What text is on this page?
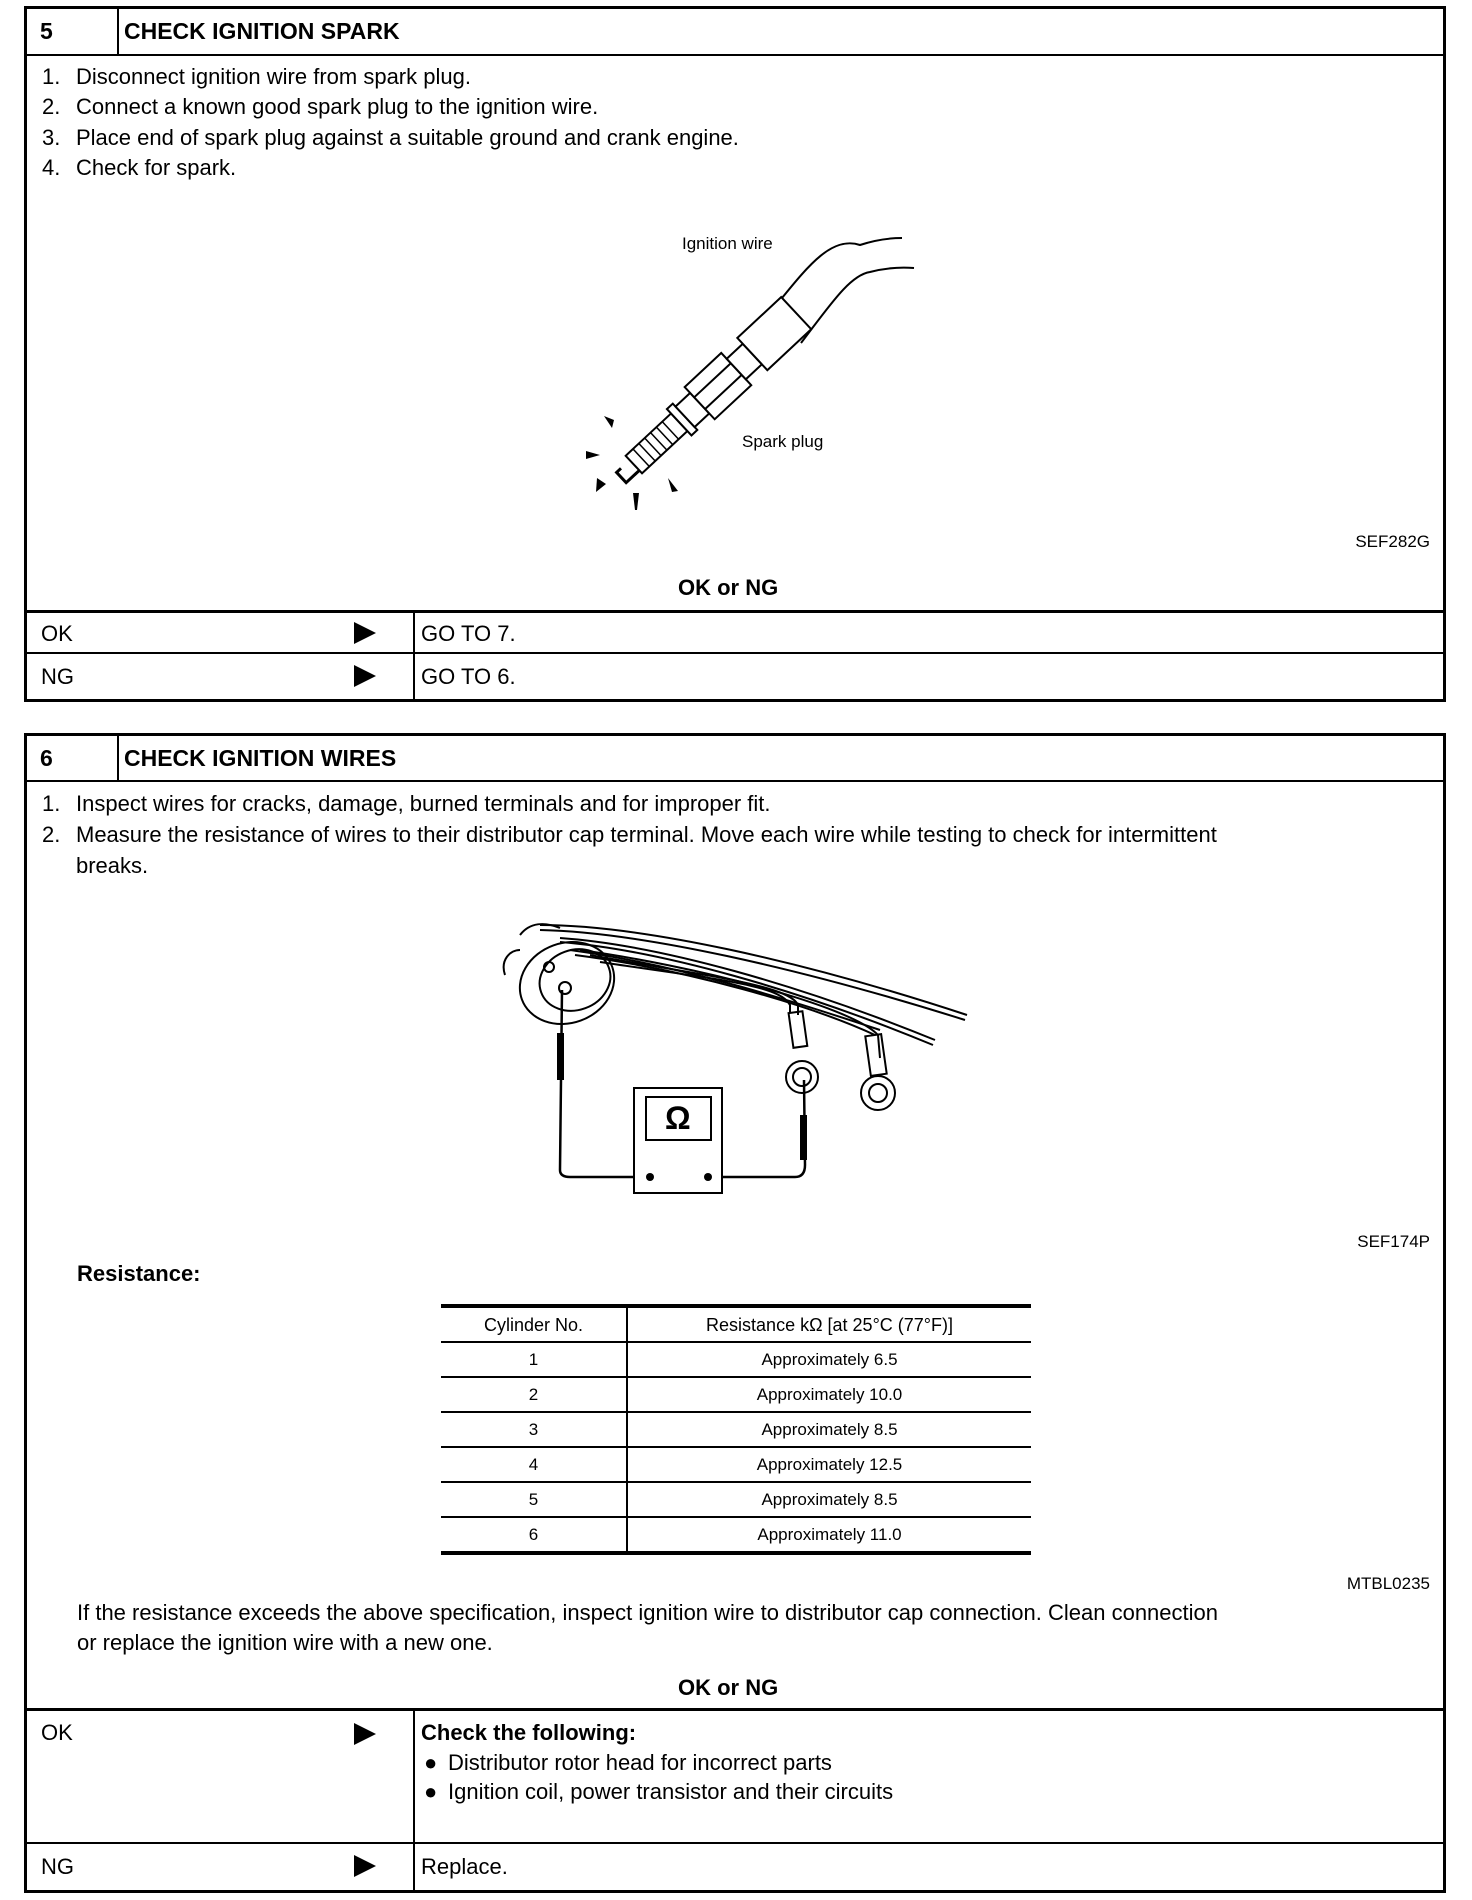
5	CHECK IGNITION SPARK
1. Disconnect ignition wire from spark plug.
2. Connect a known good spark plug to the ignition wire.
3. Place end of spark plug against a suitable ground and crank engine.
4. Check for spark.
Ignition wire
Spark plug
SEF282G
OK or NG
OK	GO TO 7.
NG	GO TO 6.
6	CHECK IGNITION WIRES
1. Inspect wires for cracks, damage, burned terminals and for improper fit.
2. Measure the resistance of wires to their distributor cap terminal. Move each wire while testing to check for intermittent
breaks.
Ω
SEF174P
Resistance:
Cylinder No.	Resistance kΩ [at 25°C (77°F)]
1	Approximately 6.5
2	Approximately 10.0
3	Approximately 8.5
4	Approximately 12.5
5	Approximately 8.5
6	Approximately 11.0
MTBL0235
If the resistance exceeds the above specification, inspect ignition wire to distributor cap connection. Clean connection
or replace the ignition wire with a new one.
OK or NG
OK	Check the following:
● Distributor rotor head for incorrect parts
● Ignition coil, power transistor and their circuits
NG	Replace.
